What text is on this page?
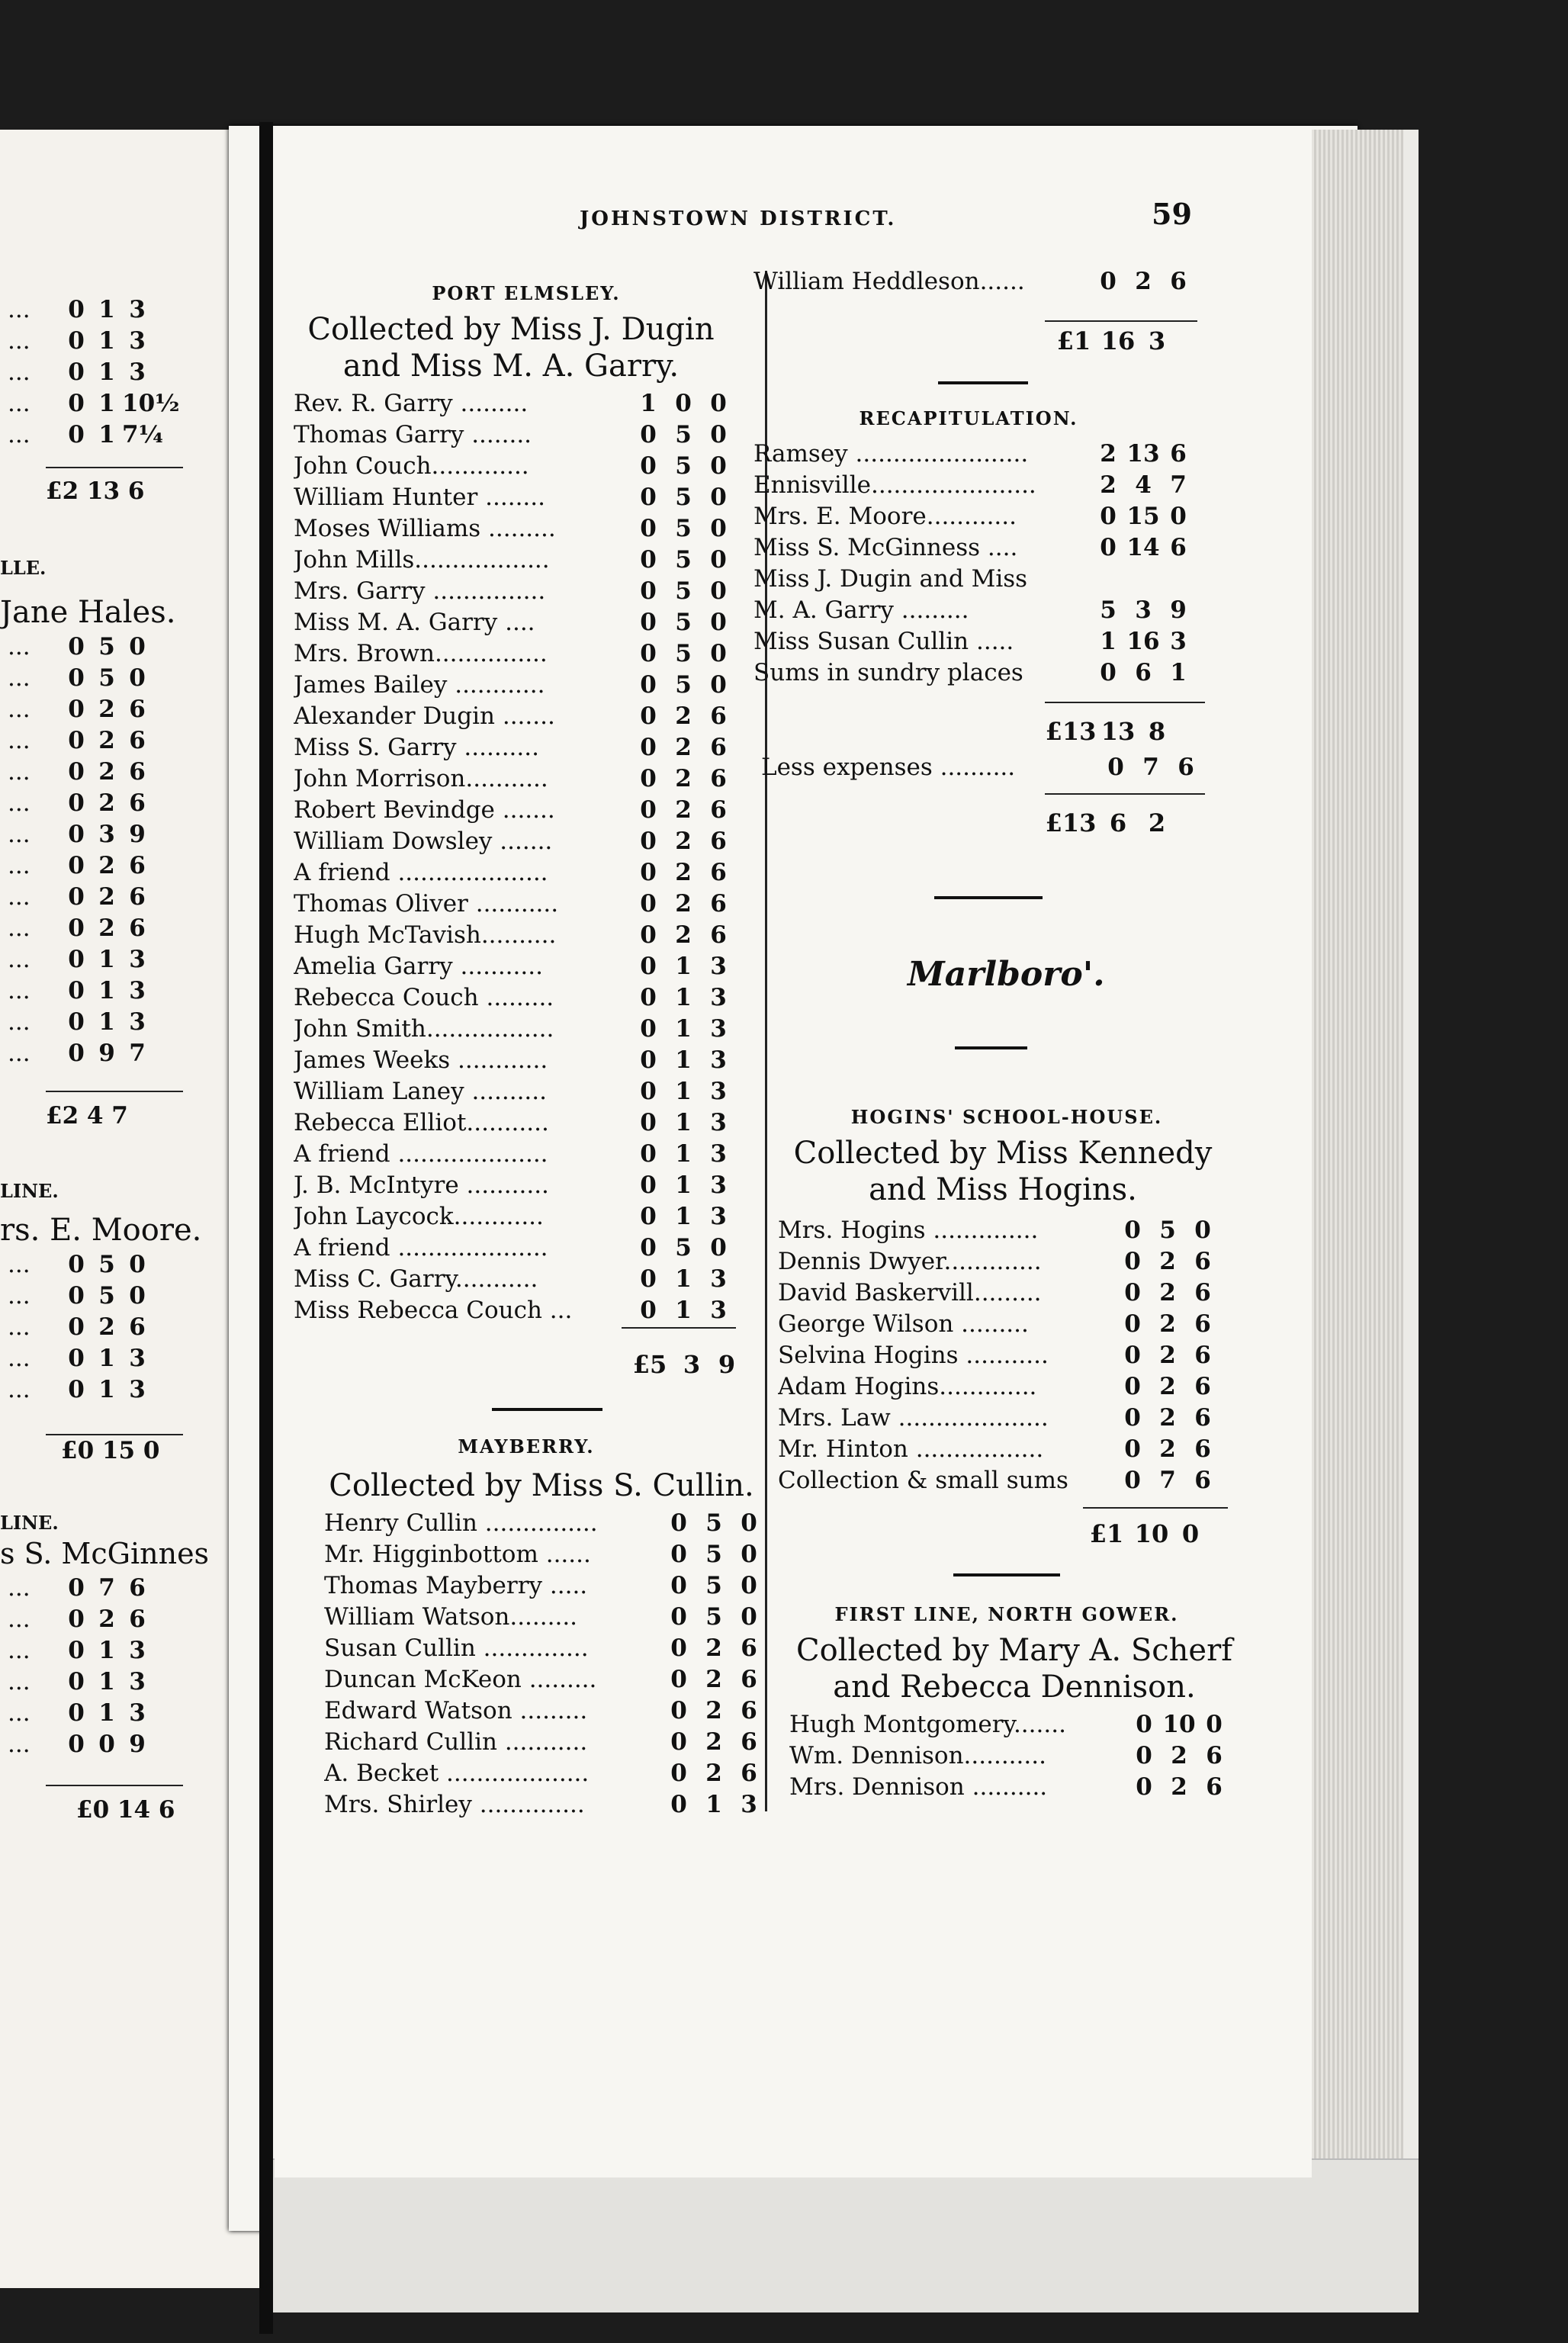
JOHNSTOWN DISTRICT.	59
... 0 1 3
... 0 1 3
... 0 1 3
... 0 1 10½
... 0 1 7¼
£2 13 6
LLE.
Jane Hales.
... 0 5 0
... 0 5 0
... 0 2 6
... 0 2 6
... 0 2 6
... 0 2 6
... 0 3 9
... 0 2 6
... 0 2 6
... 0 2 6
... 0 1 3
... 0 1 3
... 0 1 3
... 0 9 7
£2 4 7
LINE.
rs. E. Moore.
... 0 5 0
... 0 5 0
... 0 2 6
... 0 1 3
... 0 1 3
£0 15 0
LINE.
s S. McGinnes
... 0 7 6
... 0 2 6
... 0 1 3
... 0 1 3
... 0 1 3
... 0 0 9
£0 14 6
PORT ELMSLEY.
Collected by Miss J. Dugin and Miss M. A. Garry.
Rev. R. Garry .........	1 0 0
Thomas Garry ........	0 5 0
John Couch.............	0 5 0
William Hunter ........	0 5 0
Moses Williams .........	0 5 0
John Mills..................	0 5 0
Mrs. Garry ...............	0 5 0
Miss M. A. Garry ....	0 5 0
Mrs. Brown...............	0 5 0
James Bailey ............	0 5 0
Alexander Dugin .......	0 2 6
Miss S. Garry ..........	0 2 6
John Morrison...........	0 2 6
Robert Bevindge .......	0 2 6
William Dowsley .......	0 2 6
A friend ....................	0 2 6
Thomas Oliver ...........	0 2 6
Hugh McTavish..........	0 2 6
Amelia Garry ...........	0 1 3
Rebecca Couch .........	0 1 3
John Smith.................	0 1 3
James Weeks ............	0 1 3
William Laney ..........	0 1 3
Rebecca Elliot...........	0 1 3
A friend ....................	0 1 3
J. B. McIntyre ...........	0 1 3
John Laycock............	0 1 3
A friend ....................	0 5 0
Miss C. Garry...........	0 1 3
Miss Rebecca Couch ...	0 1 3
£5 3 9
MAYBERRY.
Collected by Miss S. Cullin.
Henry Cullin ...............	0 5 0
Mr. Higginbottom ......	0 5 0
Thomas Mayberry .....	0 5 0
William Watson.........	0 5 0
Susan Cullin ..............	0 2 6
Duncan McKeon .........	0 2 6
Edward Watson .........	0 2 6
Richard Cullin ...........	0 2 6
A. Becket ...................	0 2 6
Mrs. Shirley ..............	0 1 3
William Heddleson......	0 2 6
£1 16 3
RECAPITULATION.
Ramsey .......................	2 13 6
Ennisville......................	2 4 7
Mrs. E. Moore............	0 15 0
Miss S. McGinness ....	0 14 6
Miss J. Dugin and Miss
M. A. Garry .........	5 3 9
Miss Susan Cullin .....	1 16 3
Sums in sundry places	0 6 1
£13 13 8
Less expenses ..........	0 7 6
£13 6 2
Marlboro'.
HOGINS' SCHOOL-HOUSE.
Collected by Miss Kennedy and Miss Hogins.
Mrs. Hogins ..............	0 5 0
Dennis Dwyer.............	0 2 6
David Baskervill.........	0 2 6
George Wilson .........	0 2 6
Selvina Hogins ...........	0 2 6
Adam Hogins.............	0 2 6
Mrs. Law ....................	0 2 6
Mr. Hinton .................	0 2 6
Collection & small sums	0 7 6
£1 10 0
FIRST LINE, NORTH GOWER.
Collected by Mary A. Scherf and Rebecca Dennison.
Hugh Montgomery.......	0 10 0
Wm. Dennison...........	0 2 6
Mrs. Dennison ..........	0 2 6
